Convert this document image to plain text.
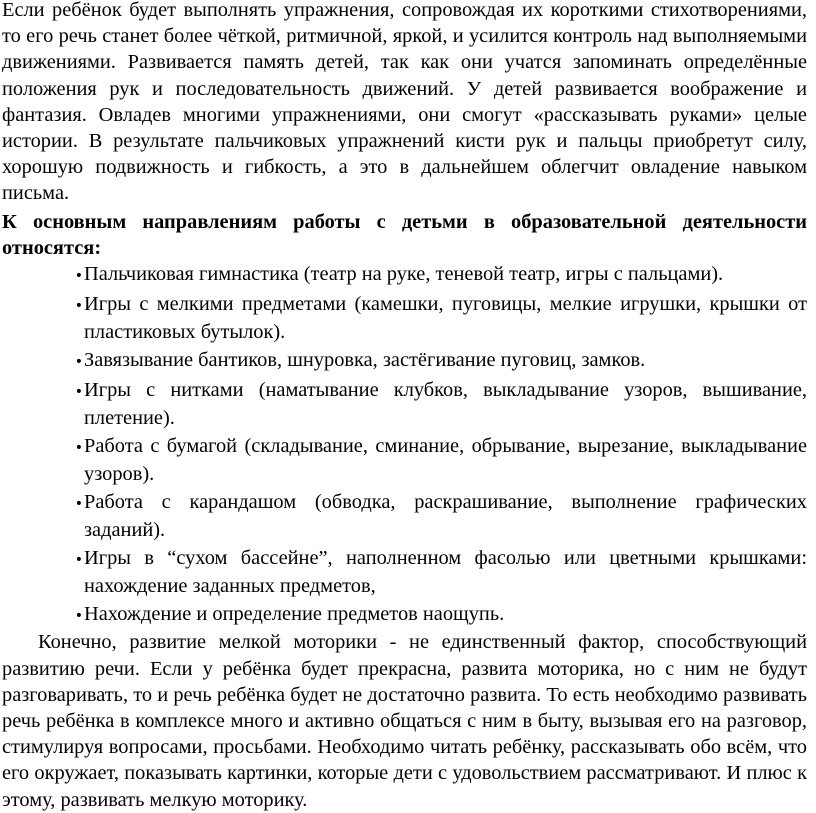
Если ребёнок будет выполнять упражнения, сопровождая их короткими стихотворениями, то его речь станет более чёткой, ритмичной, яркой, и усилится контроль над выполняемыми движениями. Развивается память детей, так как они учатся запоминать определённые положения рук и последовательность движений. У детей развивается воображение и фантазия. Овладев многими упражнениями, они смогут «рассказывать руками» целые истории. В результате пальчиковых упражнений кисти рук и пальцы приобретут силу, хорошую подвижность и гибкость, а это в дальнейшем облегчит овладение навыком письма.

К основным направлениям работы с детьми в образовательной деятельности относятся:

•Пальчиковая гимнастика (театр на руке, теневой театр, игры с пальцами).
•Игры с мелкими предметами (камешки, пуговицы, мелкие игрушки, крышки от пластиковых бутылок).
•Завязывание бантиков, шнуровка, застёгивание пуговиц, замков.
•Игры с нитками (наматывание клубков, выкладывание узоров, вышивание, плетение).
•Работа с бумагой (складывание, сминание, обрывание, вырезание, выкладывание узоров).
•Работа с карандашом (обводка, раскрашивание, выполнение графических заданий).
•Игры в “сухом бассейне”, наполненном фасолью или цветными крышками: нахождение заданных предметов,
•Нахождение и определение предметов наощупь.

Конечно, развитие мелкой моторики - не единственный фактор, способствующий развитию речи. Если у ребёнка будет прекрасна, развита моторика, но с ним не будут разговаривать, то и речь ребёнка будет не достаточно развита. То есть необходимо развивать речь ребёнка в комплексе много и активно общаться с ним в быту, вызывая его на разговор, стимулируя вопросами, просьбами. Необходимо читать ребёнку, рассказывать обо всём, что его окружает, показывать картинки, которые дети с удовольствием рассматривают. И плюс к этому, развивать мелкую моторику.
